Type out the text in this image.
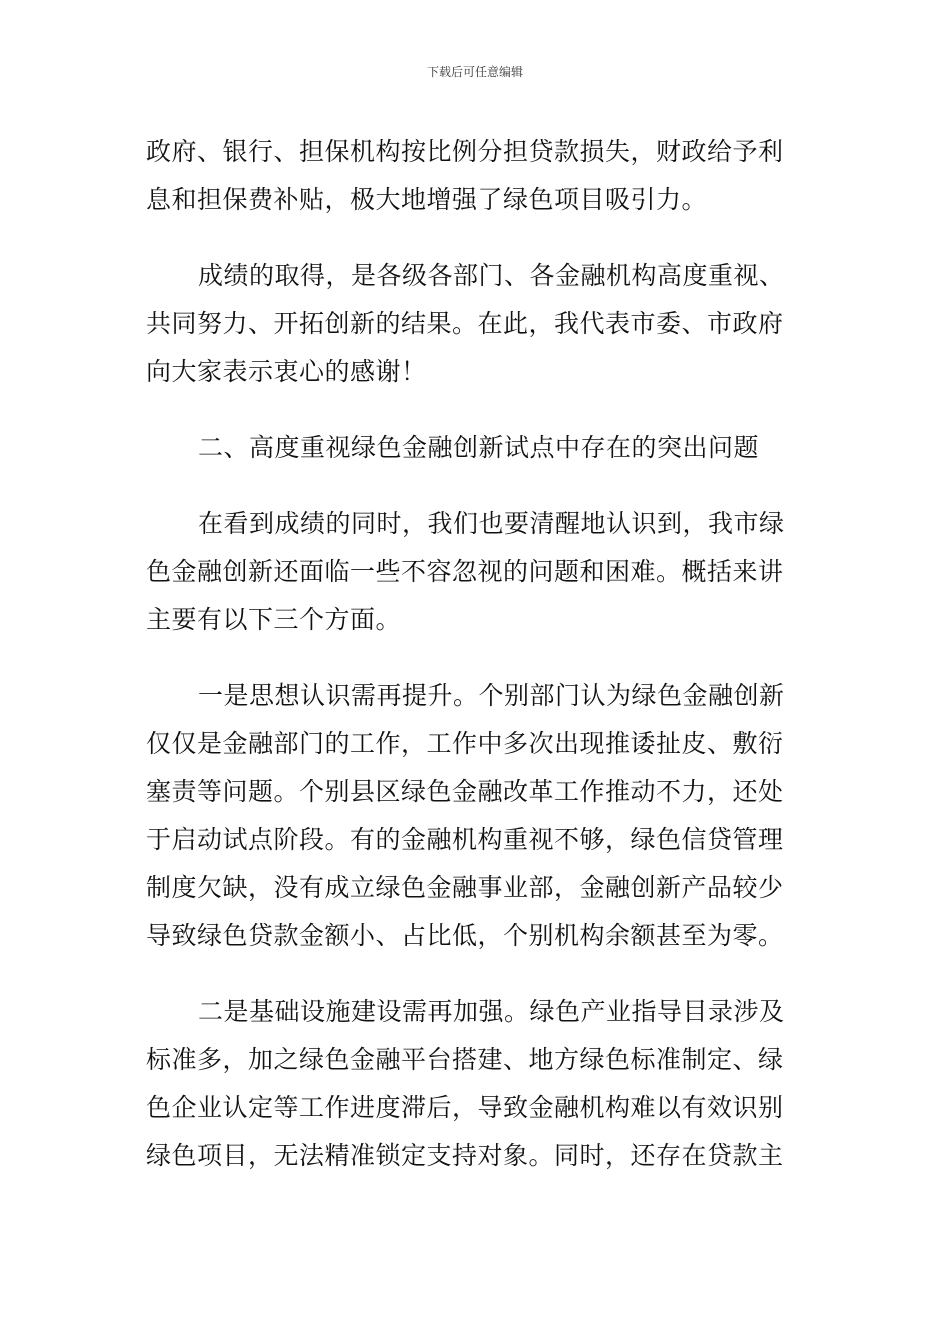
下载后可任意编辑

政府、银行、担保机构按比例分担贷款损失，财政给予利
息和担保费补贴，极大地增强了绿色项目吸引力。

成绩的取得，是各级各部门、各金融机构高度重视、
共同努力、开拓创新的结果。在此，我代表市委、市政府
向大家表示衷心的感谢！

二、高度重视绿色金融创新试点中存在的突出问题

在看到成绩的同时，我们也要清醒地认识到，我市绿
色金融创新还面临一些不容忽视的问题和困难。概括来讲
主要有以下三个方面。

一是思想认识需再提升。个别部门认为绿色金融创新
仅仅是金融部门的工作，工作中多次出现推诿扯皮、敷衍
塞责等问题。个别县区绿色金融改革工作推动不力，还处
于启动试点阶段。有的金融机构重视不够，绿色信贷管理
制度欠缺，没有成立绿色金融事业部，金融创新产品较少
导致绿色贷款金额小、占比低，个别机构余额甚至为零。

二是基础设施建设需再加强。绿色产业指导目录涉及
标准多，加之绿色金融平台搭建、地方绿色标准制定、绿
色企业认定等工作进度滞后，导致金融机构难以有效识别
绿色项目，无法精准锁定支持对象。同时，还存在贷款主
